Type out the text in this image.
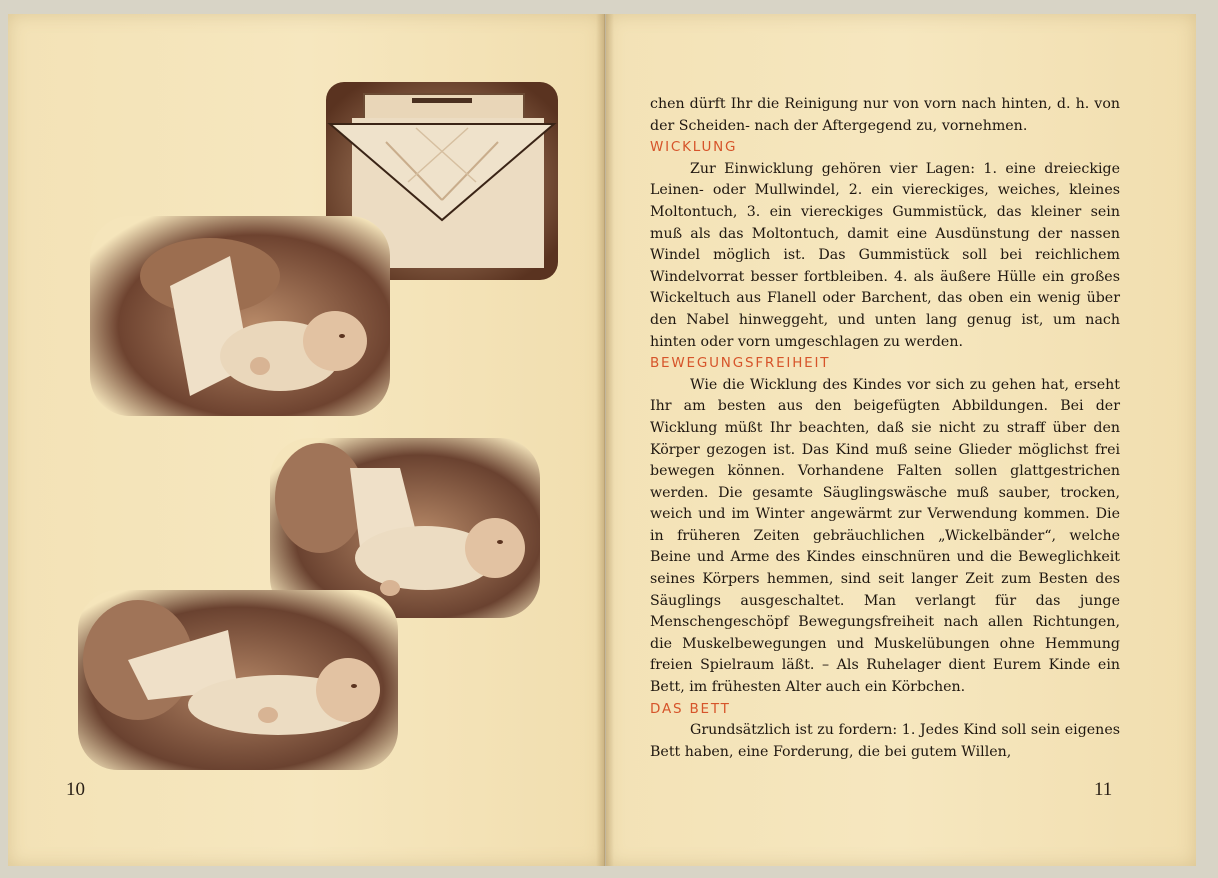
10	11

chen dürft Ihr die Reinigung nur von vorn nach hinten, d. h. von der Scheiden- nach der Aftergegend zu, vornehmen.

WICKLUNG

Zur Einwicklung gehören vier Lagen: 1. eine dreieckige Leinen- oder Mullwindel, 2. ein viereckiges, weiches, kleines Moltontuch, 3. ein viereckiges Gummistück, das kleiner sein muß als das Moltontuch, damit eine Ausdünstung der nassen Windel möglich ist. Das Gummistück soll bei reichlichem Windelvorrat besser fortbleiben. 4. als äußere Hülle ein großes Wickeltuch aus Flanell oder Barchent, das oben ein wenig über den Nabel hinweggeht, und unten lang genug ist, um nach hinten oder vorn umgeschlagen zu werden.

BEWEGUNGSFREIHEIT

Wie die Wicklung des Kindes vor sich zu gehen hat, erseht Ihr am besten aus den beigefügten Abbildungen. Bei der Wicklung müßt Ihr beachten, daß sie nicht zu straff über den Körper gezogen ist. Das Kind muß seine Glieder möglichst frei bewegen können. Vorhandene Falten sollen glattgestrichen werden. Die gesamte Säuglingswäsche muß sauber, trocken, weich und im Winter angewärmt zur Verwendung kommen. Die in früheren Zeiten gebräuchlichen „Wickelbänder“, welche Beine und Arme des Kindes einschnüren und die Beweglichkeit seines Körpers hemmen, sind seit langer Zeit zum Besten des Säuglings ausgeschaltet. Man verlangt für das junge Menschengeschöpf Bewegungsfreiheit nach allen Richtungen, die Muskelbewegungen und Muskelübungen ohne Hemmung freien Spielraum läßt. – Als Ruhelager dient Eurem Kinde ein Bett, im frühesten Alter auch ein Körbchen.

DAS BETT

Grundsätzlich ist zu fordern: 1. Jedes Kind soll sein eigenes Bett haben, eine Forderung, die bei gutem Willen,
